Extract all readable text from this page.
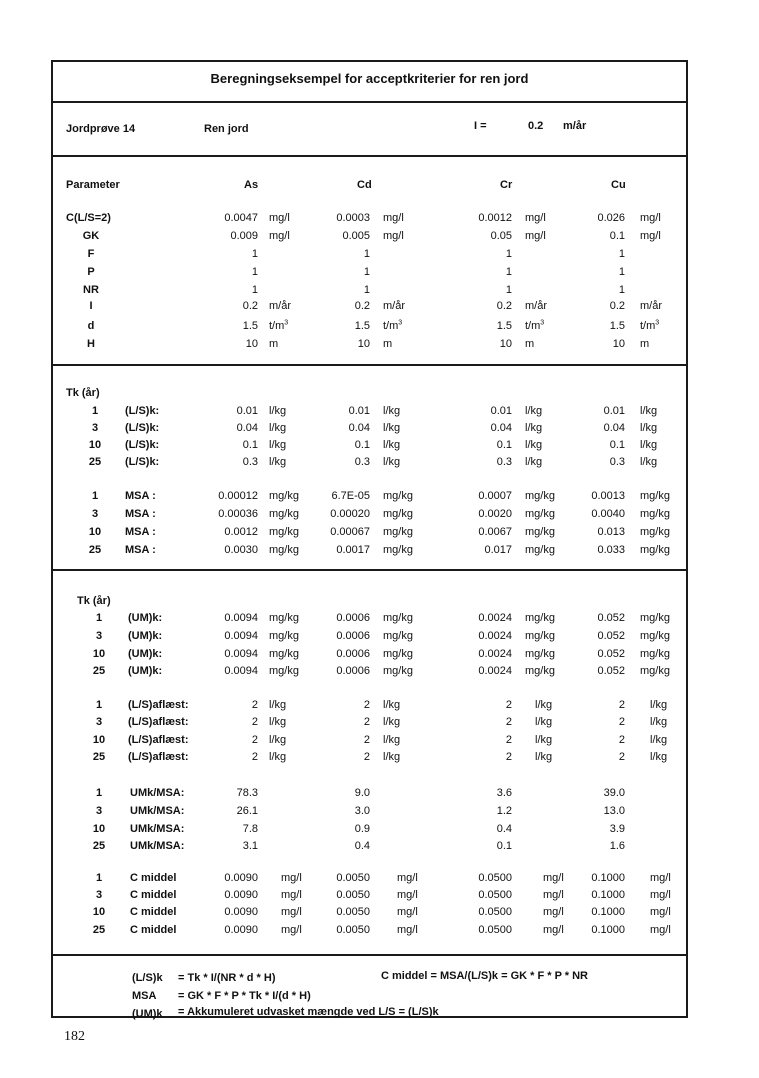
Beregningseksempel for acceptkriterier for ren jord
Jordprøve 14	Ren jord	I =	0.2 m/år
Parameter	As	Cd	Cr	Cu
C(L/S=2)	0.0047 mg/l	0.0003 mg/l	0.0012 mg/l	0.026 mg/l
GK	0.009 mg/l	0.005 mg/l	0.05 mg/l	0.1 mg/l
F	1	1	1	1
P	1	1	1	1
NR	1	1	1	1
I	0.2 m/år	0.2 m/år	0.2 m/år	0.2 m/år
d	1.5 $t/m^3$	1.5 $t/m^3$	1.5 $t/m^3$	1.5 $t/m^3$
H	10 m	10 m	10 m	10 m
1	(L/S)k:	0.01 l/kg	0.01 l/kg	0.01 l/kg	0.01 l/kg
3	(L/S)k:	0.04 l/kg	0.04 l/kg	0.04 l/kg	0.04 l/kg
10	(L/S)k:	0.1 l/kg	0.1 l/kg	0.1 l/kg	0.1 l/kg
25	(L/S)k:	0.3 l/kg	0.3 l/kg	0.3 l/kg	0.3 l/kg
1	MSA :	0.00012 mg/kg	6.7E-05 mg/kg	0.0007 mg/kg	0.0013 mg/kg
3	MSA :	0.00036 mg/kg	0.00020 mg/kg	0.0020 mg/kg	0.0040 mg/kg
10	MSA :	0.0012 mg/kg	0.00067 mg/kg	0.0067 mg/kg	0.013 mg/kg
25	MSA :	0.0030 mg/kg	0.0017 mg/kg	0.017 mg/kg	0.033 mg/kg
1	(UM)k:	0.0094 mg/kg	0.0006 mg/kg	0.0024 mg/kg	0.052 mg/kg
3	(UM)k:	0.0094 mg/kg	0.0006 mg/kg	0.0024 mg/kg	0.052 mg/kg
10	(UM)k:	0.0094 mg/kg	0.0006 mg/kg	0.0024 mg/kg	0.052 mg/kg
25	(UM)k:	0.0094 mg/kg	0.0006 mg/kg	0.0024 mg/kg	0.052 mg/kg
1	(L/S)aflæst:	2 l/kg	2 l/kg	2 l/kg	2 l/kg
3	(L/S)aflæst:	2 l/kg	2 l/kg	2 l/kg	2 l/kg
10	(L/S)aflæst:	2 l/kg	2 l/kg	2 l/kg	2 l/kg
25	(L/S)aflæst:	2 l/kg	2 l/kg	2 l/kg	2 l/kg
1	UMk/MSA:	78.3	9.0	3.6	39.0
3	UMk/MSA:	26.1	3.0	1.2	13.0
10	UMk/MSA:	7.8	0.9	0.4	3.9
25	UMk/MSA:	3.1	0.4	0.1	1.6
1	C middel	0.0090 mg/l	0.0050 mg/l	0.0500	mg/l	0.1000 mg/l
3	C middel	0.0090 mg/l	0.0050 mg/l	0.0500	mg/l	0.1000 mg/l
10	C middel	0.0090 mg/l	0.0050 mg/l	0.0500	mg/l	0.1000 mg/l
25	C middel	0.0090 mg/l	0.0050 mg/l	0.0500	mg/l	0.1000 mg/l
Tk (år)
Tk (år)
(L/S)k = Tk * I/(NR * d * H)	C middel = MSA/(L/S)k = GK * F * P * NR
MSA = GK * F * P * Tk * I/(d * H)
(UM)k = Akkumuleret udvasket mængde ved L/S = (L/S)k
182
